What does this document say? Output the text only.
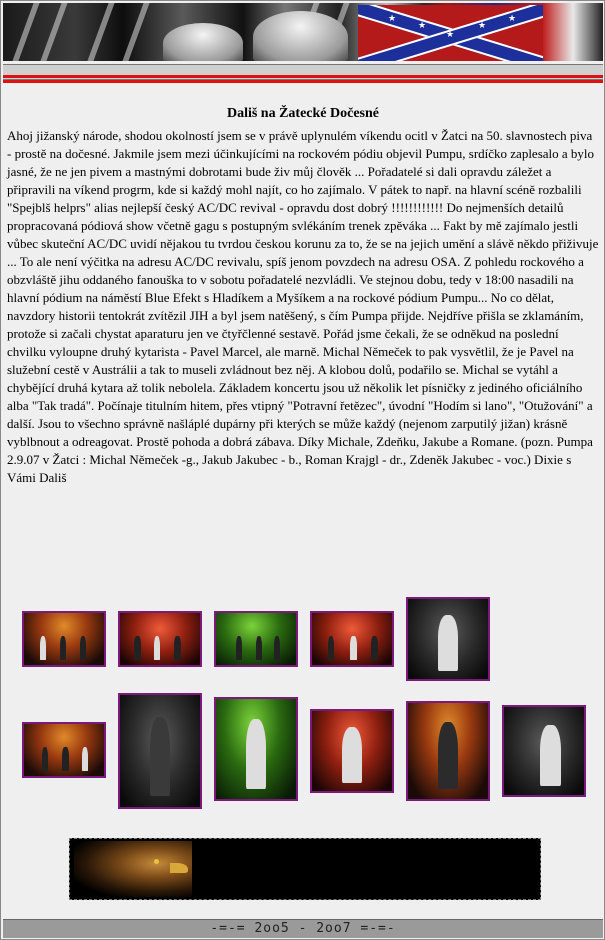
★
★	★
★
★
Dališ na Žatecké Dočesné

Ahoj jižanský národe, shodou okolností jsem se v právě uplynulém víkendu ocitl v Žatci na 50. slavnostech piva - prostě na dočesné. Jakmile jsem mezi účinkujícími na rockovém pódiu objevil Pumpu, srdíčko zaplesalo a bylo jasné, že ne jen pivem a mastnými dobrotami bude živ můj člověk ... Pořadatelé si dali opravdu záležet a připravili na víkend progrm, kde si každý mohl najít, co ho zajímalo. V pátek to např. na hlavní scéně rozbalili "Spejblš helprs" alias nejlepší český AC/DC revival - opravdu dost dobrý !!!!!!!!!!!! Do nejmenších detailů propracovaná pódiová show včetně gagu s postupným svlékáním trenek zpěváka ... Fakt by mě zajímalo jestli vůbec skuteční AC/DC uvidí nějakou tu tvrdou českou korunu za to, že se na jejich umění a slávě někdo přiživuje ... To ale není výčitka na adresu AC/DC revivalu, spíš jenom povzdech na adresu OSA. Z pohledu rockového a obzvláště jihu oddaného fanouška to v sobotu pořadatelé nezvládli. Ve stejnou dobu, tedy v 18:00 nasadili na hlavní pódium na náměstí Blue Efekt s Hladíkem a Myšíkem a na rockové pódium Pumpu... No co dělat, navzdory historii tentokrát zvítězil JIH a byl jsem natěšený, s čím Pumpa přijde. Nejdříve přišla se zklamáním, protože si začali chystat aparaturu jen ve čtyřčlenné sestavě. Pořád jsme čekali, že se odněkud na poslední chvilku vyloupne druhý kytarista - Pavel Marcel, ale marně. Michal Němeček to pak vysvětlil, že je Pavel na služební cestě v Austrálii a tak to museli zvládnout bez něj. A klobou dolů, podařilo se. Michal se vytáhl a chybějící druhá kytara až tolik nebolela. Základem koncertu jsou už několik let písničky z jediného oficiálního alba "Tak tradá". Počínaje titulním hitem, přes vtipný "Potravní řetězec", úvodní "Hodím si lano", "Otužování" a další. Jsou to všechno správně našláplé dupárny při kterých se může každý (nejenom zarputilý jižan) krásně vyblbnout a odreagovat. Prostě pohoda a dobrá zábava. Díky Michale, Zdeňku, Jakube a Romane. (pozn. Pumpa 2.9.07 v Žatci : Michal Němeček -g., Jakub Jakubec - b., Roman Krajgl - dr., Zdeněk Jakubec - voc.) Dixie s Vámi Dališ

-=-= 2oo5 - 2oo7 =-=-
